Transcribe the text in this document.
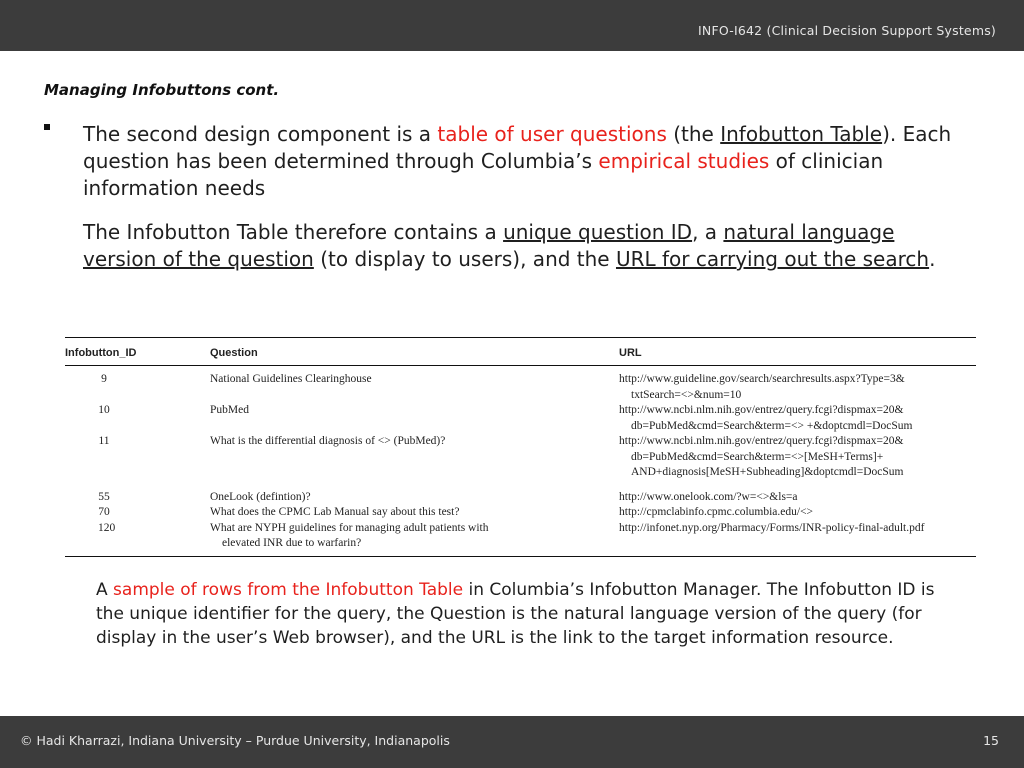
INFO-I642 (Clinical Decision Support Systems)
Managing Infobuttons cont.
The second design component is a table of user questions (the Infobutton Table). Each question has been determined through Columbia’s empirical studies of clinician information needs
The Infobutton Table therefore contains a unique question ID, a natural language version of the question (to display to users), and the URL for carrying out the search.
Infobutton_ID	Question	URL
9	National Guidelines Clearinghouse	http://www.guideline.gov/search/searchresults.aspx?Type=3&
txtSearch=<>&num=10

10	PubMed	http://www.ncbi.nlm.nih.gov/entrez/query.fcgi?dispmax=20&
db=PubMed&cmd=Search&term=<> +&doptcmdl=DocSum

11	What is the differential diagnosis of <> (PubMed)?	http://www.ncbi.nlm.nih.gov/entrez/query.fcgi?dispmax=20&
db=PubMed&cmd=Search&term=<>[MeSH+Terms]+
AND+diagnosis[MeSH+Subheading]&doptcmdl=DocSum

55	OneLook (defintion)?	http://www.onelook.com/?w=<>&ls=a
70	What does the CPMC Lab Manual say about this test?	http://cpmclabinfo.cpmc.columbia.edu/<>
120	What are NYPH guidelines for managing adult patients with
elevated INR due to warfarin?	http://infonet.nyp.org/Pharmacy/Forms/INR-policy-final-adult.pdf
A sample of rows from the Infobutton Table in Columbia’s Infobutton Manager. The Infobutton ID is the unique identifier for the query, the Question is the natural language version of the query (for display in the user’s Web browser), and the URL is the link to the target information resource.
© Hadi Kharrazi, Indiana University – Purdue University, Indianapolis	15
